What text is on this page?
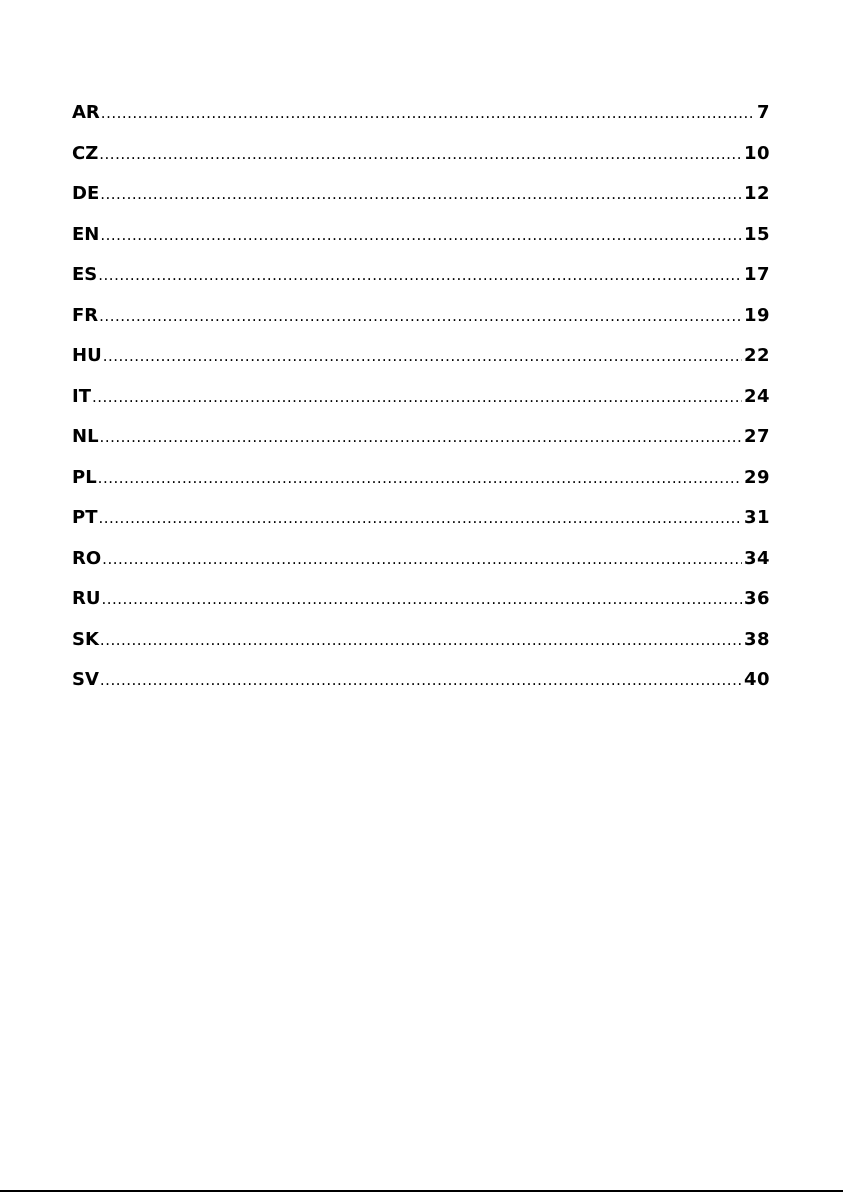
AR .....	7
CZ .....	10
DE .....	12
EN .....	15
ES .....	17
FR .....	19
HU .....	22
IT .....	24
NL .....	27
PL .....	29
PT .....	31
RO .....	34
RU .....	36
SK .....	38
SV .....	40
